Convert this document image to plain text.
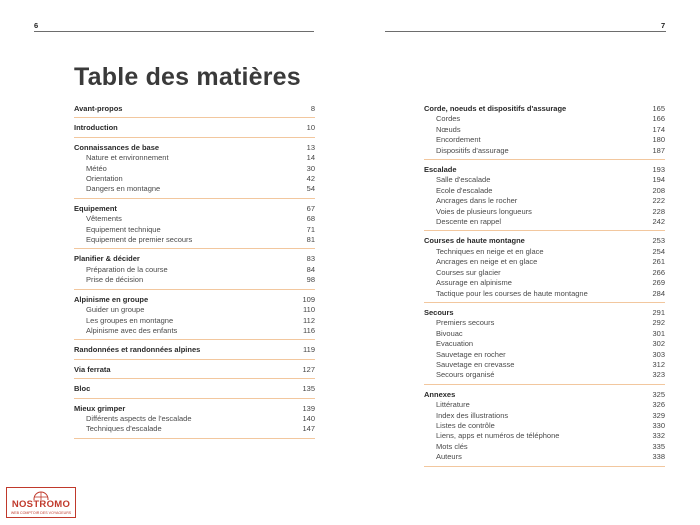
6	7
Table des matières
Avant-propos	8
Introduction	10
Connaissances de base	13
Nature et environnement	14
Météo	30
Orientation	42
Dangers en montagne	54
Equipement	67
Vêtements	68
Equipement technique	71
Equipement de premier secours	81
Planifier & décider	83
Préparation de la course	84
Prise de décision	98
Alpinisme en groupe	109
Guider un groupe	110
Les groupes en montagne	112
Alpinisme avec des enfants	116
Randonnées et randonnées alpines	119
Via ferrata	127
Bloc	135
Mieux grimper	139
Différents aspects de l'escalade	140
Techniques d'escalade	147
Corde, noeuds et dispositifs d'assurage	165
Cordes	166
Nœuds	174
Encordement	180
Dispositifs d'assurage	187
Escalade	193
Salle d'escalade	194
Ecole d'escalade	208
Ancrages dans le rocher	222
Voies de plusieurs longueurs	228
Descente en rappel	242
Courses de haute montagne	253
Techniques en neige et en glace	254
Ancrages en neige et en glace	261
Courses sur glacier	266
Assurage en alpinisme	269
Tactique pour les courses de haute montagne	284
Secours	291
Premiers secours	292
Bivouac	301
Evacuation	302
Sauvetage en rocher	303
Sauvetage en crevasse	312
Secours organisé	323
Annexes	325
Littérature	326
Index des illustrations	329
Listes de contrôle	330
Liens, apps et numéros de téléphone	332
Mots clés	335
Auteurs	338
NOSTROMO
WEB COMPTOIR DES VOYAGEURS
